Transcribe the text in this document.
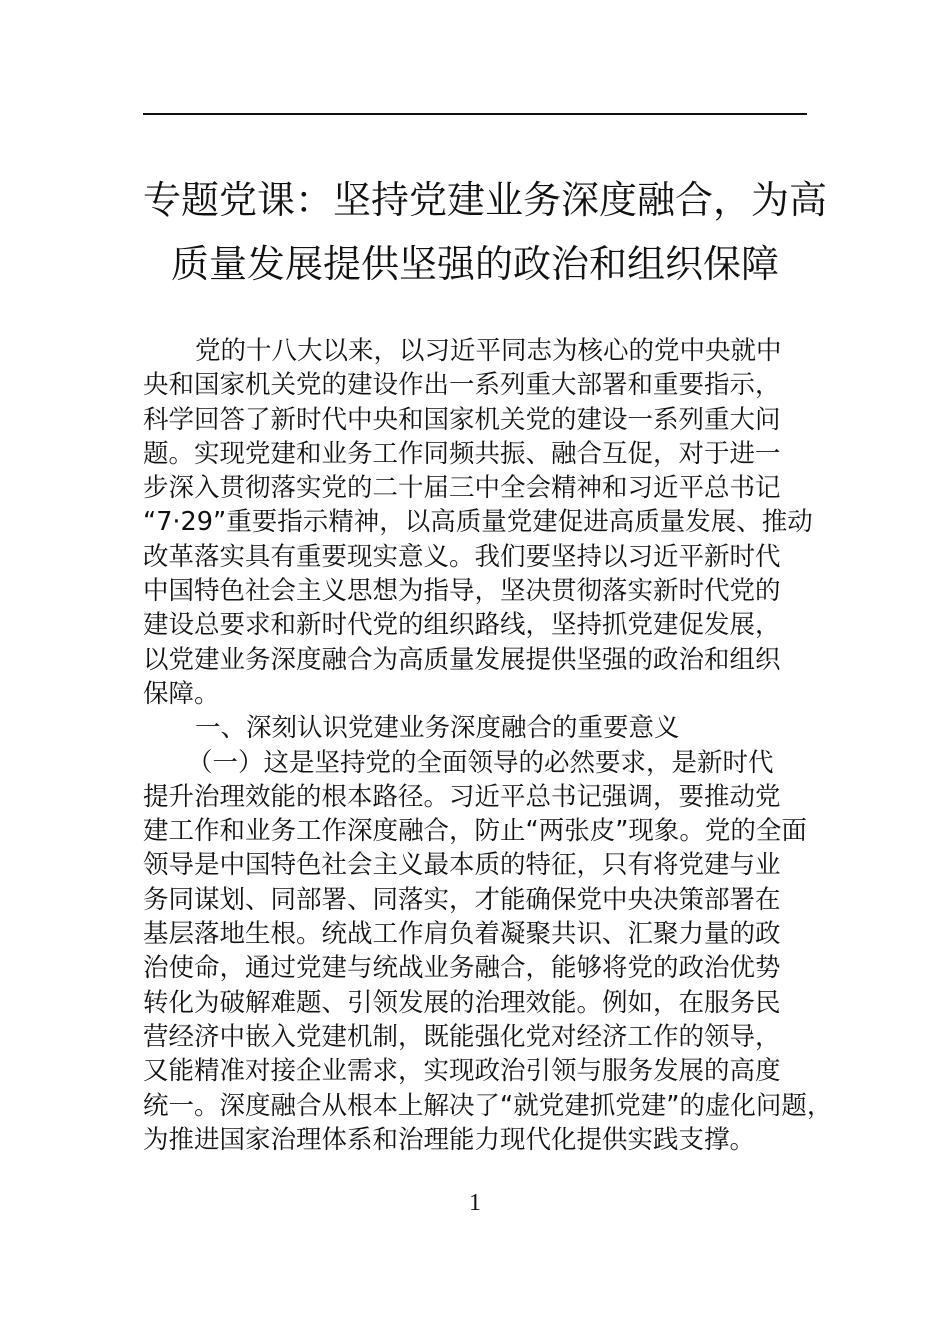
专题党课：坚持党建业务深度融合，为高
质量发展提供坚强的政治和组织保障
党的十八大以来，以习近平同志为核心的党中央就中
央和国家机关党的建设作出一系列重大部署和重要指示，
科学回答了新时代中央和国家机关党的建设一系列重大问
题。实现党建和业务工作同频共振、融合互促，对于进一
步深入贯彻落实党的二十届三中全会精神和习近平总书记
“7·29”重要指示精神，以高质量党建促进高质量发展、推动
改革落实具有重要现实意义。我们要坚持以习近平新时代
中国特色社会主义思想为指导，坚决贯彻落实新时代党的
建设总要求和新时代党的组织路线，坚持抓党建促发展，
以党建业务深度融合为高质量发展提供坚强的政治和组织
保障。
一、深刻认识党建业务深度融合的重要意义
（一）这是坚持党的全面领导的必然要求，是新时代
提升治理效能的根本路径。习近平总书记强调，要推动党
建工作和业务工作深度融合，防止“两张皮”现象。党的全面
领导是中国特色社会主义最本质的特征，只有将党建与业
务同谋划、同部署、同落实，才能确保党中央决策部署在
基层落地生根。统战工作肩负着凝聚共识、汇聚力量的政
治使命，通过党建与统战业务融合，能够将党的政治优势
转化为破解难题、引领发展的治理效能。例如，在服务民
营经济中嵌入党建机制，既能强化党对经济工作的领导，
又能精准对接企业需求，实现政治引领与服务发展的高度
统一。深度融合从根本上解决了“就党建抓党建”的虚化问题，
为推进国家治理体系和治理能力现代化提供实践支撑。
1
